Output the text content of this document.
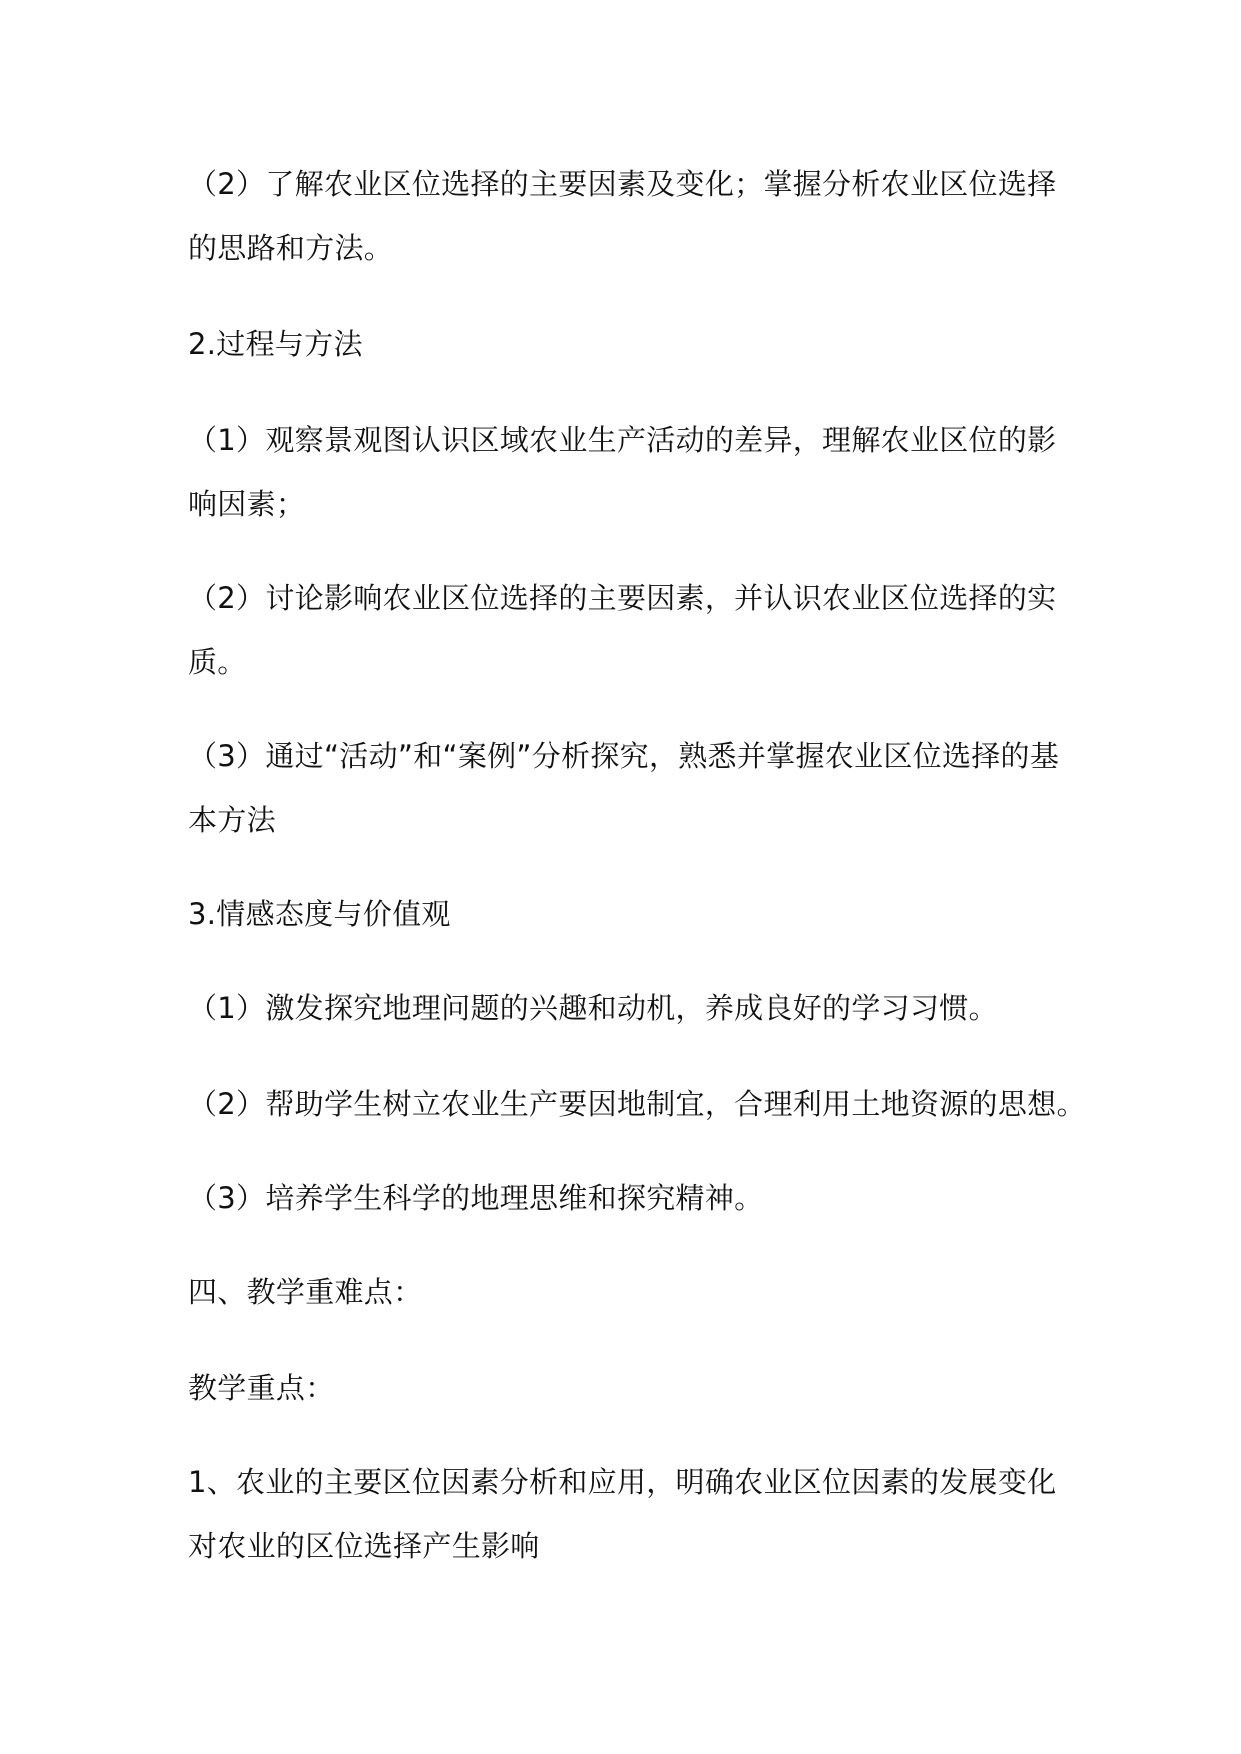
（2）了解农业区位选择的主要因素及变化；掌握分析农业区位选择
的思路和方法。
2.过程与方法
（1）观察景观图认识区域农业生产活动的差异，理解农业区位的影
响因素；
（2）讨论影响农业区位选择的主要因素，并认识农业区位选择的实
质。
（3）通过“活动”和“案例”分析探究，熟悉并掌握农业区位选择的基
本方法
3.情感态度与价值观
（1）激发探究地理问题的兴趣和动机，养成良好的学习习惯。
（2）帮助学生树立农业生产要因地制宜，合理利用土地资源的思想。
（3）培养学生科学的地理思维和探究精神。
四、教学重难点：
教学重点：
1、农业的主要区位因素分析和应用，明确农业区位因素的发展变化
对农业的区位选择产生影响
